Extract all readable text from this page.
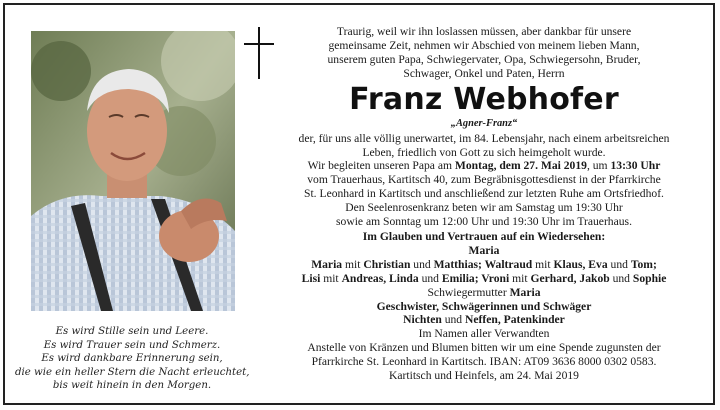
Es wird Stille sein und Leere.
Es wird Trauer sein und Schmerz.
Es wird dankbare Erinnerung sein,
die wie ein heller Stern die Nacht erleuchtet,
bis weit hinein in den Morgen.
Traurig, weil wir ihn loslassen müssen, aber dankbar für unsere
gemeinsame Zeit, nehmen wir Abschied von meinem lieben Mann,
unserem guten Papa, Schwiegervater, Opa, Schwiegersohn, Bruder,
Schwager, Onkel und Paten, Herrn
Franz Webhofer
„Agner-Franz“
der, für uns alle völlig unerwartet, im 84. Lebensjahr, nach einem arbeitsreichen
Leben, friedlich von Gott zu sich heimgeholt wurde.
Wir begleiten unseren Papa am Montag, dem 27. Mai 2019, um 13:30 Uhr
vom Trauerhaus, Kartitsch 40, zum Begräbnisgottesdienst in der Pfarrkirche
St. Leonhard in Kartitsch und anschließend zur letzten Ruhe am Ortsfriedhof.
Den Seelenrosenkranz beten wir am Samstag um 19:30 Uhr
sowie am Sonntag um 12:00 Uhr und 19:30 Uhr im Trauerhaus.
Im Glauben und Vertrauen auf ein Wiedersehen:
Maria
Maria mit Christian und Matthias; Waltraud mit Klaus, Eva und Tom;
Lisi mit Andreas, Linda und Emilia; Vroni mit Gerhard, Jakob und Sophie
Schwiegermutter Maria
Geschwister, Schwägerinnen und Schwäger
Nichten und Neffen, Patenkinder
Im Namen aller Verwandten
Anstelle von Kränzen und Blumen bitten wir um eine Spende zugunsten der
Pfarrkirche St. Leonhard in Kartitsch. IBAN: AT09 3636 8000 0302 0583.
Kartitsch und Heinfels, am 24. Mai 2019
